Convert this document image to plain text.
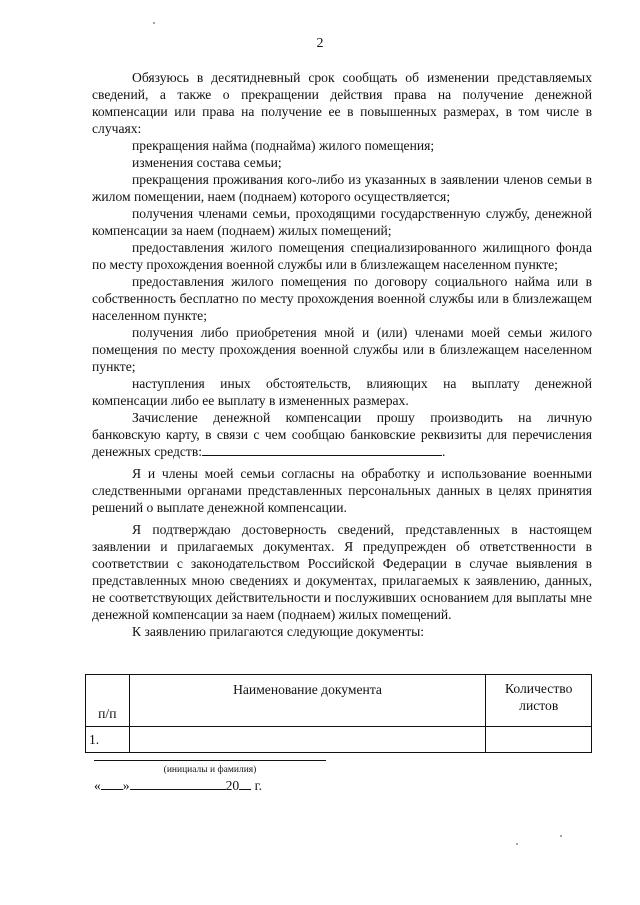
2

Обязуюсь в десятидневный срок сообщать об изменении представляемых сведений, а также о прекращении действия права на получение денежной компенсации или права на получение ее в повышенных размерах, в том числе в случаях:

прекращения найма (поднайма) жилого помещения;

изменения состава семьи;

прекращения проживания кого-либо из указанных в заявлении членов семьи в жилом помещении, наем (поднаем) которого осуществляется;

получения членами семьи, проходящими государственную службу, денежной компенсации за наем (поднаем) жилых помещений;

предоставления жилого помещения специализированного жилищного фонда по месту прохождения военной службы или в близлежащем населенном пункте;

предоставления жилого помещения по договору социального найма или в собственность бесплатно по месту прохождения военной службы или в близлежащем населенном пункте;

получения либо приобретения мной и (или) членами моей семьи жилого помещения по месту прохождения военной службы или в близлежащем населенном пункте;

наступления иных обстоятельств, влияющих на выплату денежной компенсации либо ее выплату в измененных размерах.

Зачисление денежной компенсации прошу производить на личную банковскую карту, в связи с чем сообщаю банковские реквизиты для перечисления денежных средств:	.

Я и члены моей семьи согласны на обработку и использование военными следственными органами представленных персональных данных в целях принятия решений о выплате денежной компенсации.

Я подтверждаю достоверность сведений, представленных в настоящем заявлении и прилагаемых документах. Я предупрежден об ответственности в соответствии с законодательством Российской Федерации в случае выявления в представленных мною сведениях и документах, прилагаемых к заявлению, данных, не соответствующих действительности и послуживших основанием для выплаты мне денежной компенсации за наем (поднаем) жилых помещений.

К заявлению прилагаются следующие документы:

п/п	Наименование документа	Количество листов
1.		
(инициалы и фамилия)
« »	20 г.
